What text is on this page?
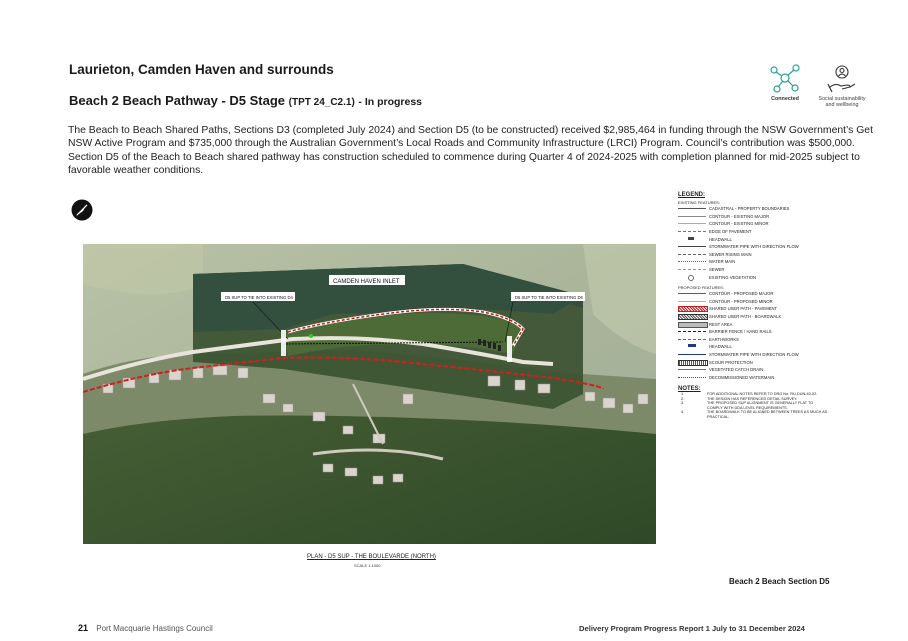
Laurieton, Camden Haven and surrounds
Beach 2 Beach Pathway - D5 Stage (TPT 24_C2.1) - In progress	Connected	Social sustainability and wellbeing
The Beach to Beach Shared Paths, Sections D3 (completed July 2024) and Section D5 (to be constructed) received $2,985,464 in funding through the NSW Government’s Get NSW Active Program and $735,000 through the Australian Government’s Local Roads and Community Infrastructure (LRCI) Program. Council’s contribution was $500,000. Section D5 of the Beach to Beach shared pathway has construction scheduled to commence during Quarter 4 of 2024-2025 with completion planned for mid-2025 subject to favorable weather conditions.
D5 SUP TO TIE INTO EXISTING D4	D5 SUP TO TIE INTO EXISTING D6
CAMDEN HAVEN INLET
PLAN - D5 SUP - THE BOULEVARDE (NORTH)
SCALE 1:1000
LEGEND:
EXISTING FEATURES:
CADASTRAL - PROPERTY BOUNDARIES
CONTOUR - EXISTING MAJOR
CONTOUR - EXISTING MINOR
EDGE OF PAVEMENT
HEADWALL
STORMWATER PIPE WITH DIRECTION FLOW
SEWER RISING MAIN
WATER MAIN
SEWER
EXISTING VEGETATION
PROPOSED FEATURES:
CONTOUR - PROPOSED MAJOR
CONTOUR - PROPOSED MINOR
SHARED USER PATH - PAVEMENT
SHARED USER PATH - BOARDWALK
REST AREA
BARRIER FENCE / HAND RAILS
EARTHWORKS
HEADWALL
STORMWATER PIPE WITH DIRECTION FLOW
SCOUR PROTECTION
VEGETATED CATCH DRAIN
DECOMMISSIONED WATERMAIN
NOTES:
1.	FOR ADDITIONAL NOTES REFER TO DRG No. RU-DUN-40-02.
2.	THE DESIGN HAS REFERENCED DETAIL SURVEY.
3.	THE PROPOSED SUP ALIGNMENT IS GENERALLY FLAT TO COMPLY WITH DDA LEVEL REQUIREMENTS.
4.	THE BOARDWALK TO BE ALIGNED BETWEEN TREES AS MUCH AS PRACTICAL.
Beach 2 Beach Section D5
21 Port Macquarie Hastings Council	Delivery Program Progress Report 1 July to 31 December 2024
